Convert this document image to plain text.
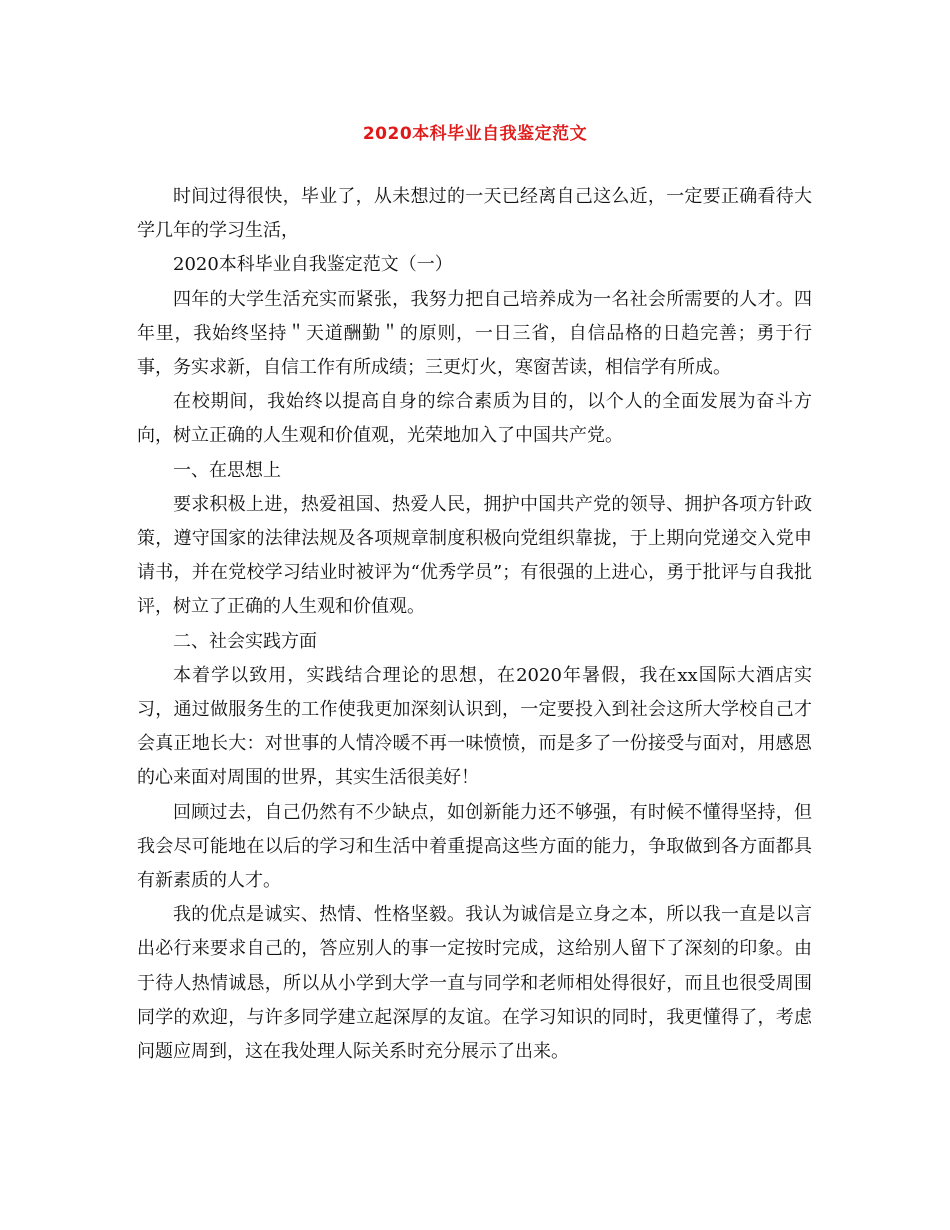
2020本科毕业自我鉴定范文

时间过得很快，毕业了，从未想过的一天已经离自己这么近，一定要正确看待大学几年的学习生活，

2020本科毕业自我鉴定范文（一）

四年的大学生活充实而紧张，我努力把自己培养成为一名社会所需要的人才。四年里，我始终坚持＂天道酬勤＂的原则，一日三省，自信品格的日趋完善；勇于行事，务实求新，自信工作有所成绩；三更灯火，寒窗苦读，相信学有所成。

在校期间，我始终以提高自身的综合素质为目的，以个人的全面发展为奋斗方向，树立正确的人生观和价值观，光荣地加入了中国共产党。

一、在思想上

要求积极上进，热爱祖国、热爱人民，拥护中国共产党的领导、拥护各项方针政策，遵守国家的法律法规及各项规章制度积极向党组织靠拢，于上期向党递交入党申请书，并在党校学习结业时被评为“优秀学员”；有很强的上进心，勇于批评与自我批评，树立了正确的人生观和价值观。

二、社会实践方面

本着学以致用，实践结合理论的思想，在2020年暑假，我在xx国际大酒店实习，通过做服务生的工作使我更加深刻认识到，一定要投入到社会这所大学校自己才会真正地长大：对世事的人情冷暖不再一味愤愤，而是多了一份接受与面对，用感恩的心来面对周围的世界，其实生活很美好！

回顾过去，自己仍然有不少缺点，如创新能力还不够强，有时候不懂得坚持，但我会尽可能地在以后的学习和生活中着重提高这些方面的能力，争取做到各方面都具有新素质的人才。

我的优点是诚实、热情、性格坚毅。我认为诚信是立身之本，所以我一直是以言出必行来要求自己的，答应别人的事一定按时完成，这给别人留下了深刻的印象。由于待人热情诚恳，所以从小学到大学一直与同学和老师相处得很好，而且也很受周围同学的欢迎，与许多同学建立起深厚的友谊。在学习知识的同时，我更懂得了，考虑问题应周到，这在我处理人际关系时充分展示了出来。
